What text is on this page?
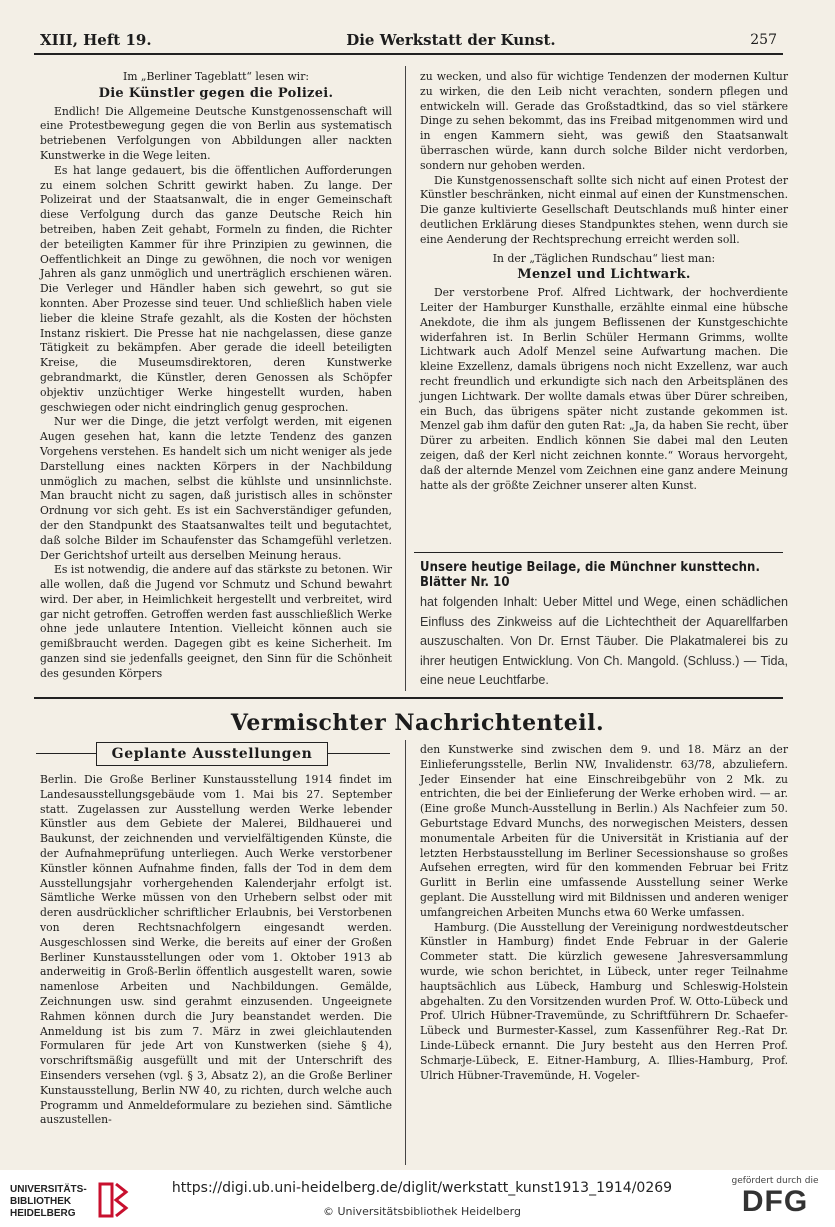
XIII, Heft 19.	Die Werkstatt der Kunst.	257

Im „Berliner Tageblatt“ lesen wir:

Die Künstler gegen die Polizei.

Endlich! Die Allgemeine Deutsche Kunstgenossenschaft will eine Protestbewegung gegen die von Berlin aus systematisch betriebenen Verfolgungen von Abbildungen aller nackten Kunstwerke in die Wege leiten.

Es hat lange gedauert, bis die öffentlichen Aufforderungen zu einem solchen Schritt gewirkt haben. Zu lange. Der Polizeirat und der Staatsanwalt, die in enger Gemeinschaft diese Verfolgung durch das ganze Deutsche Reich hin betreiben, haben Zeit gehabt, Formeln zu finden, die Richter der beteiligten Kammer für ihre Prinzipien zu gewinnen, die Oeffentlichkeit an Dinge zu gewöhnen, die noch vor wenigen Jahren als ganz unmöglich und unerträglich erschienen wären. Die Verleger und Händler haben sich gewehrt, so gut sie konnten. Aber Prozesse sind teuer. Und schließlich haben viele lieber die kleine Strafe gezahlt, als die Kosten der höchsten Instanz riskiert. Die Presse hat nie nachgelassen, diese ganze Tätigkeit zu bekämpfen. Aber gerade die ideell beteiligten Kreise, die Museumsdirektoren, deren Kunstwerke gebrandmarkt, die Künstler, deren Genossen als Schöpfer objektiv unzüchtiger Werke hingestellt wurden, haben geschwiegen oder nicht eindringlich genug gesprochen.

Nur wer die Dinge, die jetzt verfolgt werden, mit eigenen Augen gesehen hat, kann die letzte Tendenz des ganzen Vorgehens verstehen. Es handelt sich um nicht weniger als jede Darstellung eines nackten Körpers in der Nachbildung unmöglich zu machen, selbst die kühlste und unsinnlichste. Man braucht nicht zu sagen, daß juristisch alles in schönster Ordnung vor sich geht. Es ist ein Sachverständiger gefunden, der den Standpunkt des Staatsanwaltes teilt und begutachtet, daß solche Bilder im Schaufenster das Schamgefühl verletzen. Der Gerichtshof urteilt aus derselben Meinung heraus.

Es ist notwendig, die andere auf das stärkste zu betonen. Wir alle wollen, daß die Jugend vor Schmutz und Schund bewahrt wird. Der aber, in Heimlichkeit hergestellt und verbreitet, wird gar nicht getroffen. Getroffen werden fast ausschließlich Werke ohne jede unlautere Intention. Vielleicht können auch sie gemißbraucht werden. Dagegen gibt es keine Sicherheit. Im ganzen sind sie jedenfalls geeignet, den Sinn für die Schönheit des gesunden Körpers

zu wecken, und also für wichtige Tendenzen der modernen Kultur zu wirken, die den Leib nicht verachten, sondern pflegen und entwickeln will. Gerade das Großstadtkind, das so viel stärkere Dinge zu sehen bekommt, das ins Freibad mitgenommen wird und in engen Kammern sieht, was gewiß den Staatsanwalt überraschen würde, kann durch solche Bilder nicht verdorben, sondern nur gehoben werden.

Die Kunstgenossenschaft sollte sich nicht auf einen Protest der Künstler beschränken, nicht einmal auf einen der Kunstmenschen. Die ganze kultivierte Gesellschaft Deutschlands muß hinter einer deutlichen Erklärung dieses Standpunktes stehen, wenn durch sie eine Aenderung der Rechtsprechung erreicht werden soll.

In der „Täglichen Rundschau“ liest man:

Menzel und Lichtwark.

Der verstorbene Prof. Alfred Lichtwark, der hochverdiente Leiter der Hamburger Kunsthalle, erzählte einmal eine hübsche Anekdote, die ihm als jungem Beflissenen der Kunstgeschichte widerfahren ist. In Berlin Schüler Hermann Grimms, wollte Lichtwark auch Adolf Menzel seine Aufwartung machen. Die kleine Exzellenz, damals übrigens noch nicht Exzellenz, war auch recht freundlich und erkundigte sich nach den Arbeitsplänen des jungen Lichtwark. Der wollte damals etwas über Dürer schreiben, ein Buch, das übrigens später nicht zustande gekommen ist. Menzel gab ihm dafür den guten Rat: „Ja, da haben Sie recht, über Dürer zu arbeiten. Endlich können Sie dabei mal den Leuten zeigen, daß der Kerl nicht zeichnen konnte.“ Woraus hervorgeht, daß der alternde Menzel vom Zeichnen eine ganz andere Meinung hatte als der größte Zeichner unserer alten Kunst.

Unsere heutige Beilage, die Münchner kunsttechn. Blätter Nr. 10
hat folgenden Inhalt: Ueber Mittel und Wege, einen schädlichen Einfluss des Zinkweiss auf die Lichtechtheit der Aquarellfarben auszuschalten. Von Dr. Ernst Täuber. Die Plakatmalerei bis zu ihrer heutigen Entwicklung. Von Ch. Mangold. (Schluss.) — Tida, eine neue Leuchtfarbe.
Vermischter Nachrichtenteil.
Geplante Ausstellungen

Berlin. Die Große Berliner Kunstausstellung 1914 findet im Landesausstellungsgebäude vom 1. Mai bis 27. September statt. Zugelassen zur Ausstellung werden Werke lebender Künstler aus dem Gebiete der Malerei, Bildhauerei und Baukunst, der zeichnenden und vervielfältigenden Künste, die der Aufnahmeprüfung unterliegen. Auch Werke verstorbener Künstler können Aufnahme finden, falls der Tod in dem dem Ausstellungsjahr vorhergehenden Kalenderjahr erfolgt ist. Sämtliche Werke müssen von den Urhebern selbst oder mit deren ausdrücklicher schriftlicher Erlaubnis, bei Verstorbenen von deren Rechtsnachfolgern eingesandt werden. Ausgeschlossen sind Werke, die bereits auf einer der Großen Berliner Kunstausstellungen oder vom 1. Oktober 1913 ab anderweitig in Groß-Berlin öffentlich ausgestellt waren, sowie namenlose Arbeiten und Nachbildungen. Gemälde, Zeichnungen usw. sind gerahmt einzusenden. Ungeeignete Rahmen können durch die Jury beanstandet werden. Die Anmeldung ist bis zum 7. März in zwei gleichlautenden Formularen für jede Art von Kunstwerken (siehe § 4), vorschriftsmäßig ausgefüllt und mit der Unterschrift des Einsenders versehen (vgl. § 3, Absatz 2), an die Große Berliner Kunstausstellung, Berlin NW 40, zu richten, durch welche auch Programm und Anmeldeformulare zu beziehen sind. Sämtliche auszustellen-

den Kunstwerke sind zwischen dem 9. und 18. März an der Einlieferungsstelle, Berlin NW, Invalidenstr. 63/78, abzuliefern. Jeder Einsender hat eine Einschreibgebühr von 2 Mk. zu entrichten, die bei der Einlieferung der Werke erhoben wird. — ar. (Eine große Munch-Ausstellung in Berlin.) Als Nachfeier zum 50. Geburtstage Edvard Munchs, des norwegischen Meisters, dessen monumentale Arbeiten für die Universität in Kristiania auf der letzten Herbstausstellung im Berliner Secessionshause so großes Aufsehen erregten, wird für den kommenden Februar bei Fritz Gurlitt in Berlin eine umfassende Ausstellung seiner Werke geplant. Die Ausstellung wird mit Bildnissen und anderen weniger umfangreichen Arbeiten Munchs etwa 60 Werke umfassen.

Hamburg. (Die Ausstellung der Vereinigung nordwestdeutscher Künstler in Hamburg) findet Ende Februar in der Galerie Commeter statt. Die kürzlich gewesene Jahresversammlung wurde, wie schon berichtet, in Lübeck, unter reger Teilnahme hauptsächlich aus Lübeck, Hamburg und Schleswig-Holstein abgehalten. Zu den Vorsitzenden wurden Prof. W. Otto-Lübeck und Prof. Ulrich Hübner-Travemünde, zu Schriftführern Dr. Schaefer-Lübeck und Burmester-Kassel, zum Kassenführer Reg.-Rat Dr. Linde-Lübeck ernannt. Die Jury besteht aus den Herren Prof. Schmarje-Lübeck, E. Eitner-Hamburg, A. Illies-Hamburg, Prof. Ulrich Hübner-Travemünde, H. Vogeler-

UNIVERSITÄTS-
BIBLIOTHEK
HEIDELBERG
https://digi.ub.uni-heidelberg.de/diglit/werkstatt_kunst1913_1914/0269
© Universitätsbibliothek Heidelberg
gefördert durch die
DFG
